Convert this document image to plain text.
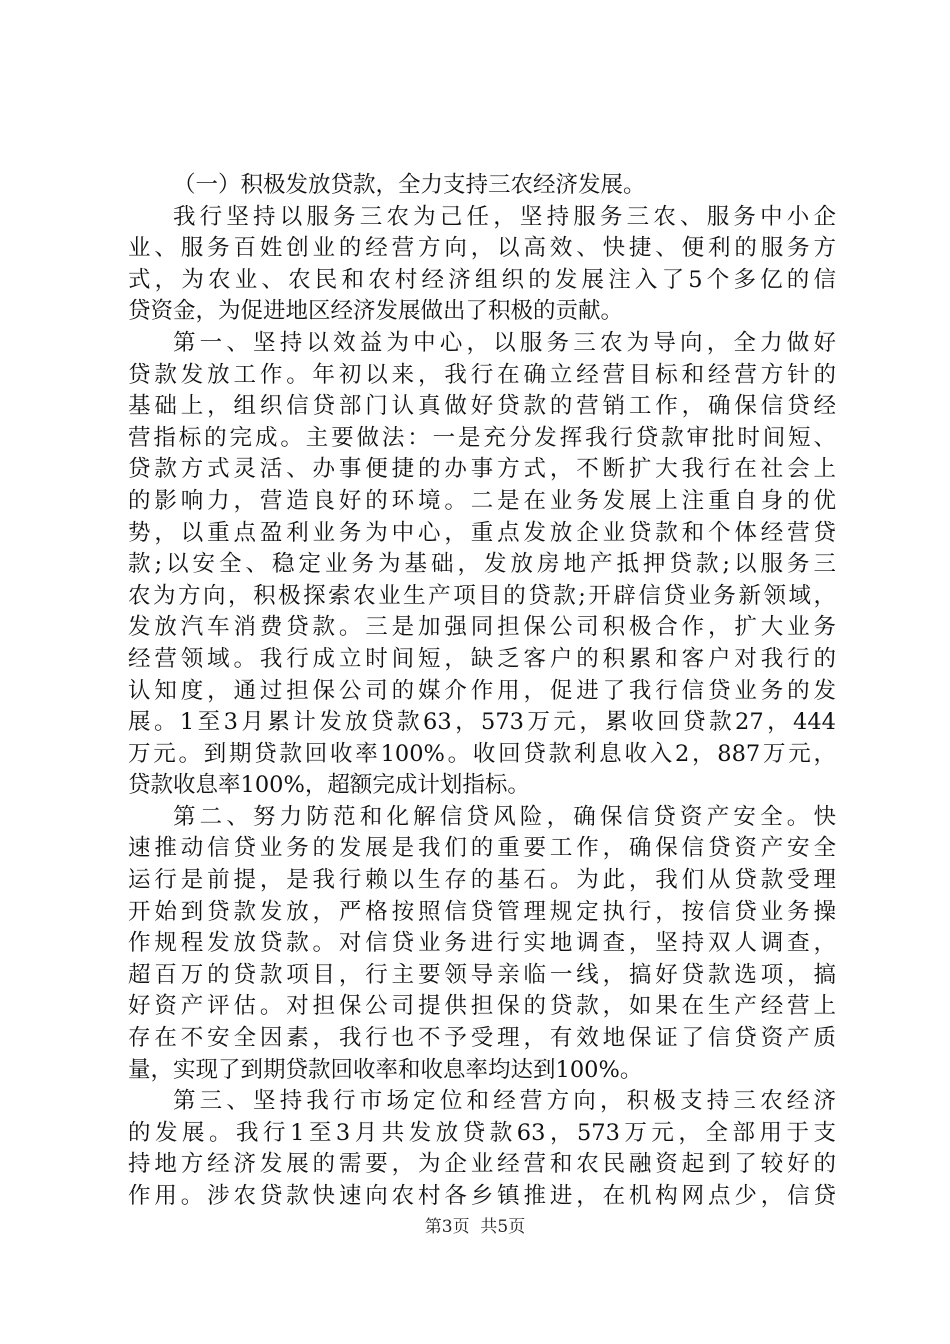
（一）积极发放贷款，全力支持三农经济发展。
我行坚持以服务三农为己任，坚持服务三农、服务中小企
业、服务百姓创业的经营方向，以高效、快捷、便利的服务方
式，为农业、农民和农村经济组织的发展注入了5个多亿的信
贷资金，为促进地区经济发展做出了积极的贡献。
第一、坚持以效益为中心，以服务三农为导向，全力做好
贷款发放工作。年初以来，我行在确立经营目标和经营方针的
基础上，组织信贷部门认真做好贷款的营销工作，确保信贷经
营指标的完成。主要做法：一是充分发挥我行贷款审批时间短、
贷款方式灵活、办事便捷的办事方式，不断扩大我行在社会上
的影响力，营造良好的环境。二是在业务发展上注重自身的优
势，以重点盈利业务为中心，重点发放企业贷款和个体经营贷
款;以安全、稳定业务为基础，发放房地产抵押贷款;以服务三
农为方向，积极探索农业生产项目的贷款;开辟信贷业务新领域，
发放汽车消费贷款。三是加强同担保公司积极合作，扩大业务
经营领域。我行成立时间短，缺乏客户的积累和客户对我行的
认知度，通过担保公司的媒介作用，促进了我行信贷业务的发
展。1至3月累计发放贷款63，573万元，累收回贷款27，444
万元。到期贷款回收率100%。收回贷款利息收入2，887万元，
贷款收息率100%，超额完成计划指标。
第二、努力防范和化解信贷风险，确保信贷资产安全。快
速推动信贷业务的发展是我们的重要工作，确保信贷资产安全
运行是前提，是我行赖以生存的基石。为此，我们从贷款受理
开始到贷款发放，严格按照信贷管理规定执行，按信贷业务操
作规程发放贷款。对信贷业务进行实地调查，坚持双人调查，
超百万的贷款项目，行主要领导亲临一线，搞好贷款选项，搞
好资产评估。对担保公司提供担保的贷款，如果在生产经营上
存在不安全因素，我行也不予受理，有效地保证了信贷资产质
量，实现了到期贷款回收率和收息率均达到100%。
第三、坚持我行市场定位和经营方向，积极支持三农经济
的发展。我行1至3月共发放贷款63，573万元，全部用于支
持地方经济发展的需要，为企业经营和农民融资起到了较好的
作用。涉农贷款快速向农村各乡镇推进，在机构网点少，信贷
第3页  共5页
